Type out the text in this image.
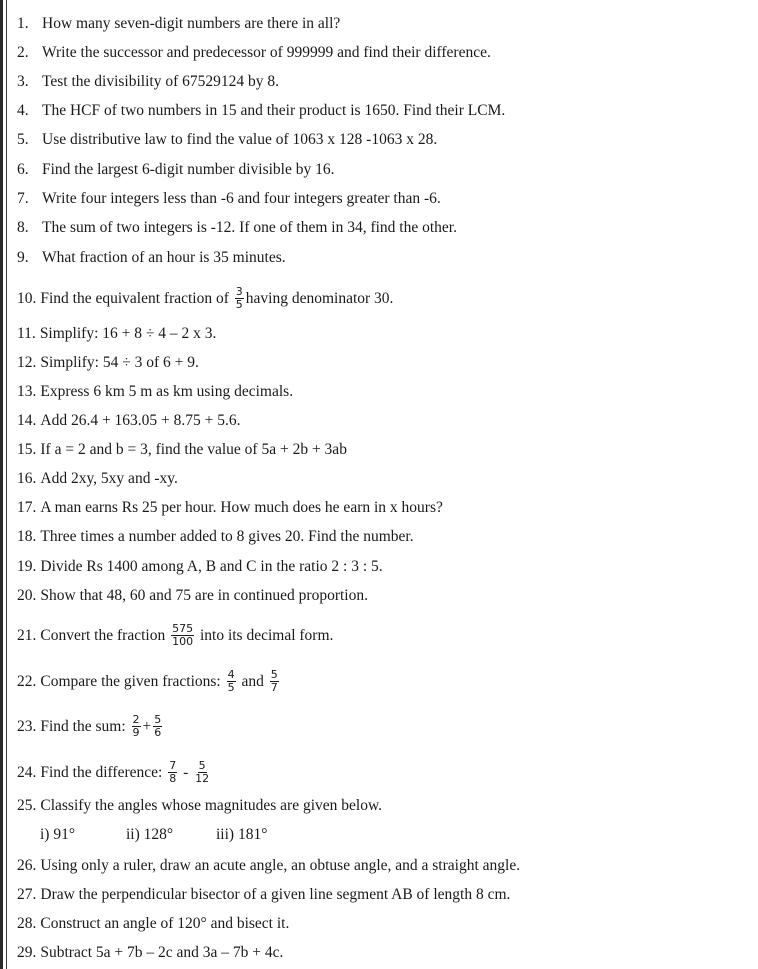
1. How many seven-digit numbers are there in all?
2. Write the successor and predecessor of 999999 and find their difference.
3. Test the divisibility of 67529124 by 8.
4. The HCF of two numbers in 15 and their product is 1650. Find their LCM.
5. Use distributive law to find the value of 1063 x 128 -1063 x 28.
6. Find the largest 6-digit number divisible by 16.
7. Write four integers less than -6 and four integers greater than -6.
8. The sum of two integers is -12. If one of them in 34, find the other.
9. What fraction of an hour is 35 minutes.
10. Find the equivalent fraction of $\frac{3}{5}$ having denominator 30.
11. Simplify: 16 + 8 ÷ 4 – 2 x 3.
12. Simplify: 54 ÷ 3 of 6 + 9.
13. Express 6 km 5 m as km using decimals.
14. Add 26.4 + 163.05 + 8.75 + 5.6.
15. If a = 2 and b = 3, find the value of 5a + 2b + 3ab
16. Add 2xy, 5xy and -xy.
17. A man earns Rs 25 per hour. How much does he earn in x hours?
18. Three times a number added to 8 gives 20. Find the number.
19. Divide Rs 1400 among A, B and C in the ratio 2 : 3 : 5.
20. Show that 48, 60 and 75 are in continued proportion.
21. Convert the fraction $\frac{575}{100}$ into its decimal form.
22. Compare the given fractions: $\frac{4}{5}$ and $\frac{5}{7}$
23. Find the sum: $\frac{2}{9} + \frac{5}{6}$
24. Find the difference: $\frac{7}{8} - \frac{5}{12}$
25. Classify the angles whose magnitudes are given below.
i) 91°	ii) 128°	iii) 181°
26. Using only a ruler, draw an acute angle, an obtuse angle, and a straight angle.
27. Draw the perpendicular bisector of a given line segment AB of length 8 cm.
28. Construct an angle of 120° and bisect it.
29. Subtract 5a + 7b – 2c and 3a – 7b + 4c.
